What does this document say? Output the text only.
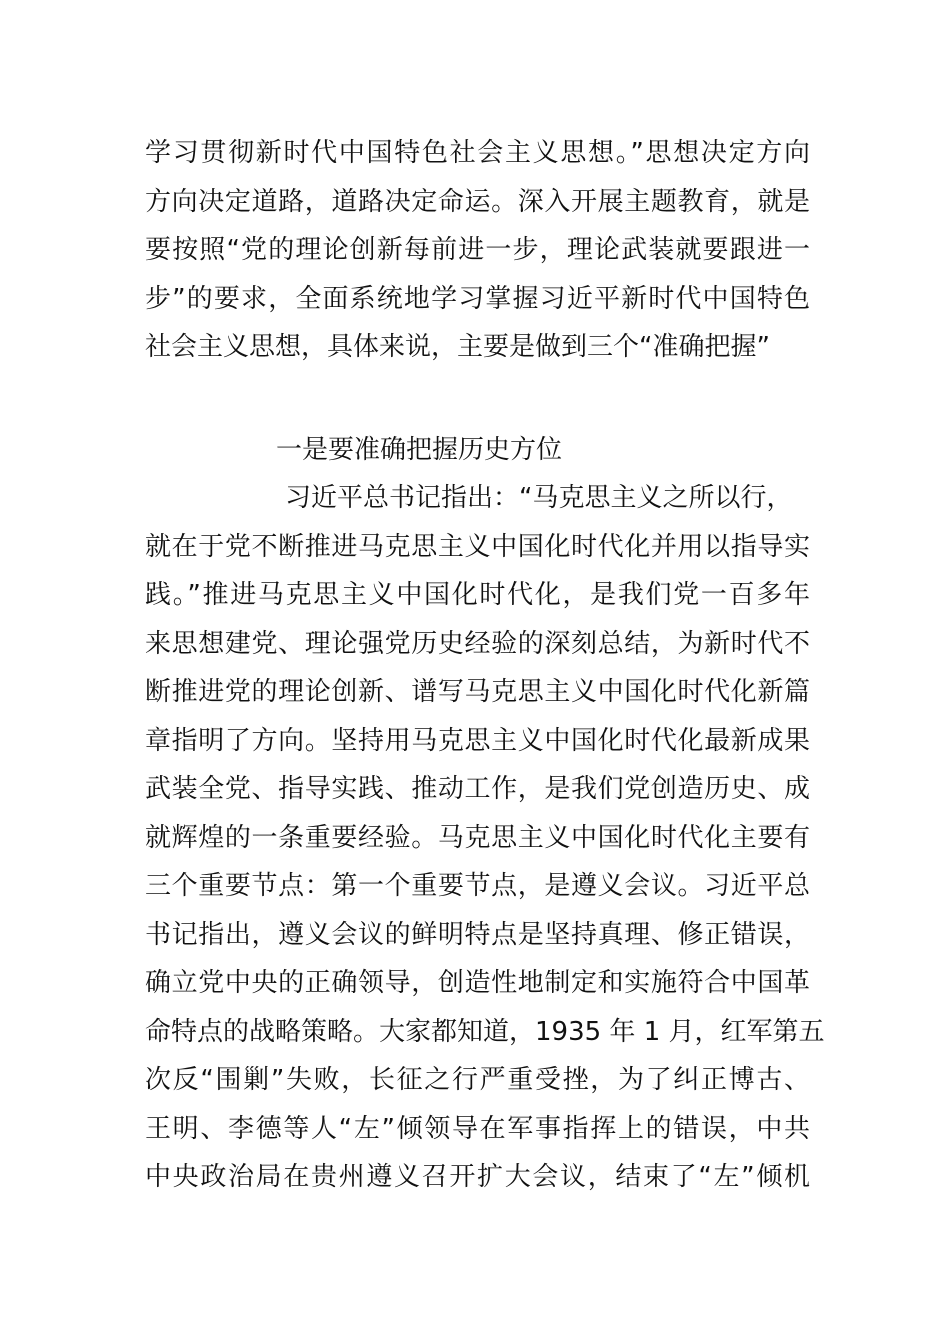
学习贯彻新时代中国特色社会主义思想。”思想决定方向
方向决定道路，道路决定命运。深入开展主题教育，就是
要按照“党的理论创新每前进一步，理论武装就要跟进一
步”的要求，全面系统地学习掌握习近平新时代中国特色
社会主义思想，具体来说，主要是做到三个“准确把握”
一是要准确把握历史方位
习近平总书记指出：“马克思主义之所以行，
就在于党不断推进马克思主义中国化时代化并用以指导实
践。”推进马克思主义中国化时代化，是我们党一百多年
来思想建党、理论强党历史经验的深刻总结，为新时代不
断推进党的理论创新、谱写马克思主义中国化时代化新篇
章指明了方向。坚持用马克思主义中国化时代化最新成果
武装全党、指导实践、推动工作，是我们党创造历史、成
就辉煌的一条重要经验。马克思主义中国化时代化主要有
三个重要节点：第一个重要节点，是遵义会议。习近平总
书记指出，遵义会议的鲜明特点是坚持真理、修正错误，
确立党中央的正确领导，创造性地制定和实施符合中国革
命特点的战略策略。大家都知道，1935 年 1 月，红军第五
次反“围剿”失败，长征之行严重受挫，为了纠正博古、
王明、李德等人“左”倾领导在军事指挥上的错误，中共
中央政治局在贵州遵义召开扩大会议，结束了“左”倾机
